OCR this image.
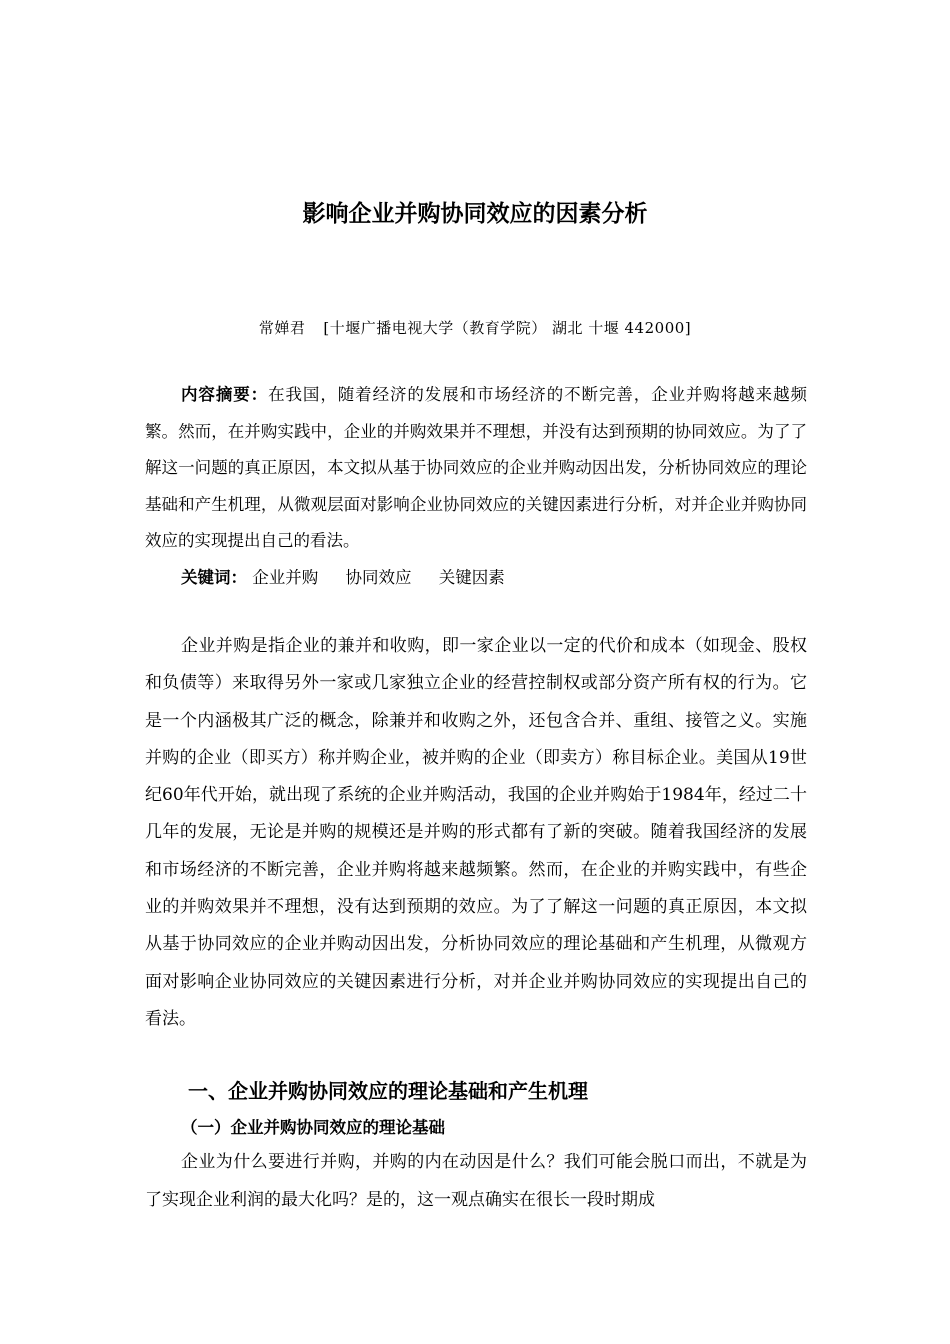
影响企业并购协同效应的因素分析
常婵君 [十堰广播电视大学（教育学院） 湖北 十堰 442000]
内容摘要：在我国，随着经济的发展和市场经济的不断完善，企业并购将越来越频繁。然而，在并购实践中，企业的并购效果并不理想，并没有达到预期的协同效应。为了了解这一问题的真正原因，本文拟从基于协同效应的企业并购动因出发，分析协同效应的理论基础和产生机理，从微观层面对影响企业协同效应的关键因素进行分析，对并企业并购协同效应的实现提出自己的看法。
关键词： 企业并购 协同效应 关键因素
企业并购是指企业的兼并和收购，即一家企业以一定的代价和成本（如现金、股权和负债等）来取得另外一家或几家独立企业的经营控制权或部分资产所有权的行为。它是一个内涵极其广泛的概念，除兼并和收购之外，还包含合并、重组、接管之义。实施并购的企业（即买方）称并购企业，被并购的企业（即卖方）称目标企业。美国从19世纪60年代开始，就出现了系统的企业并购活动，我国的企业并购始于1984年，经过二十几年的发展，无论是并购的规模还是并购的形式都有了新的突破。随着我国经济的发展和市场经济的不断完善，企业并购将越来越频繁。然而，在企业的并购实践中，有些企业的并购效果并不理想，没有达到预期的效应。为了了解这一问题的真正原因，本文拟从基于协同效应的企业并购动因出发，分析协同效应的理论基础和产生机理，从微观方面对影响企业协同效应的关键因素进行分析，对并企业并购协同效应的实现提出自己的看法。
一、企业并购协同效应的理论基础和产生机理
（一）企业并购协同效应的理论基础
企业为什么要进行并购，并购的内在动因是什么？我们可能会脱口而出，不就是为了实现企业利润的最大化吗？是的，这一观点确实在很长一段时期成
